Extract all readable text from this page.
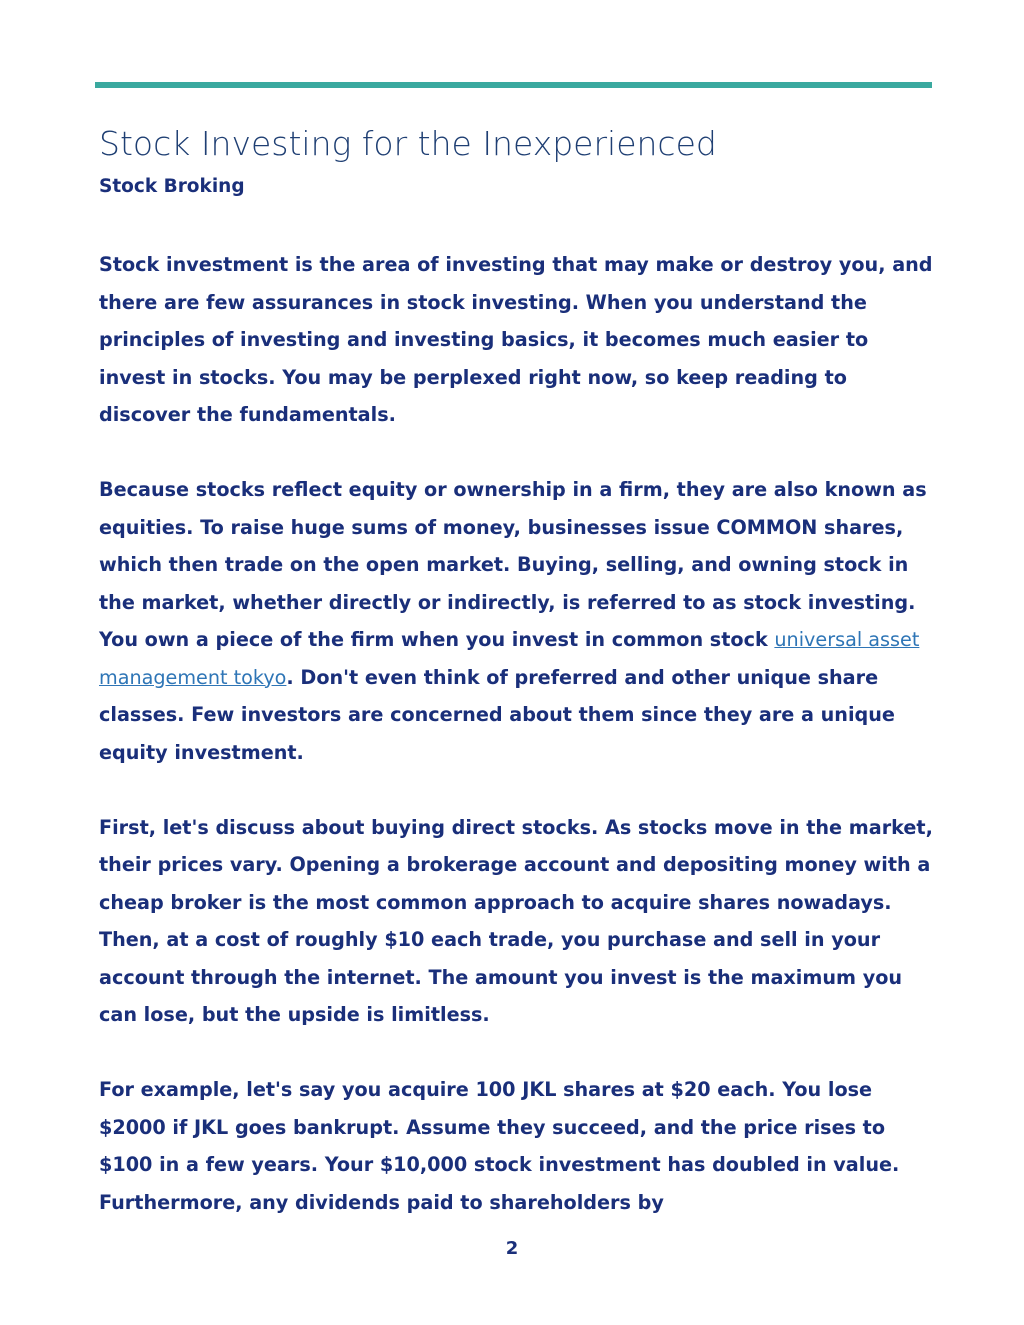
Stock Investing for the Inexperienced
Stock Broking

Stock investment is the area of investing that may make or destroy you, and there are few assurances in stock investing. When you understand the principles of investing and investing basics, it becomes much easier to invest in stocks. You may be perplexed right now, so keep reading to discover the fundamentals.

Because stocks reflect equity or ownership in a firm, they are also known as equities. To raise huge sums of money, businesses issue COMMON shares, which then trade on the open market. Buying, selling, and owning stock in the market, whether directly or indirectly, is referred to as stock investing. You own a piece of the firm when you invest in common stock universal asset management tokyo. Don't even think of preferred and other unique share classes. Few investors are concerned about them since they are a unique equity investment.

First, let's discuss about buying direct stocks. As stocks move in the market, their prices vary. Opening a brokerage account and depositing money with a cheap broker is the most common approach to acquire shares nowadays. Then, at a cost of roughly $10 each trade, you purchase and sell in your account through the internet. The amount you invest is the maximum you can lose, but the upside is limitless.

For example, let's say you acquire 100 JKL shares at $20 each. You lose $2000 if JKL goes bankrupt. Assume they succeed, and the price rises to $100 in a few years. Your $10,000 stock investment has doubled in value. Furthermore, any dividends paid to shareholders by

2
